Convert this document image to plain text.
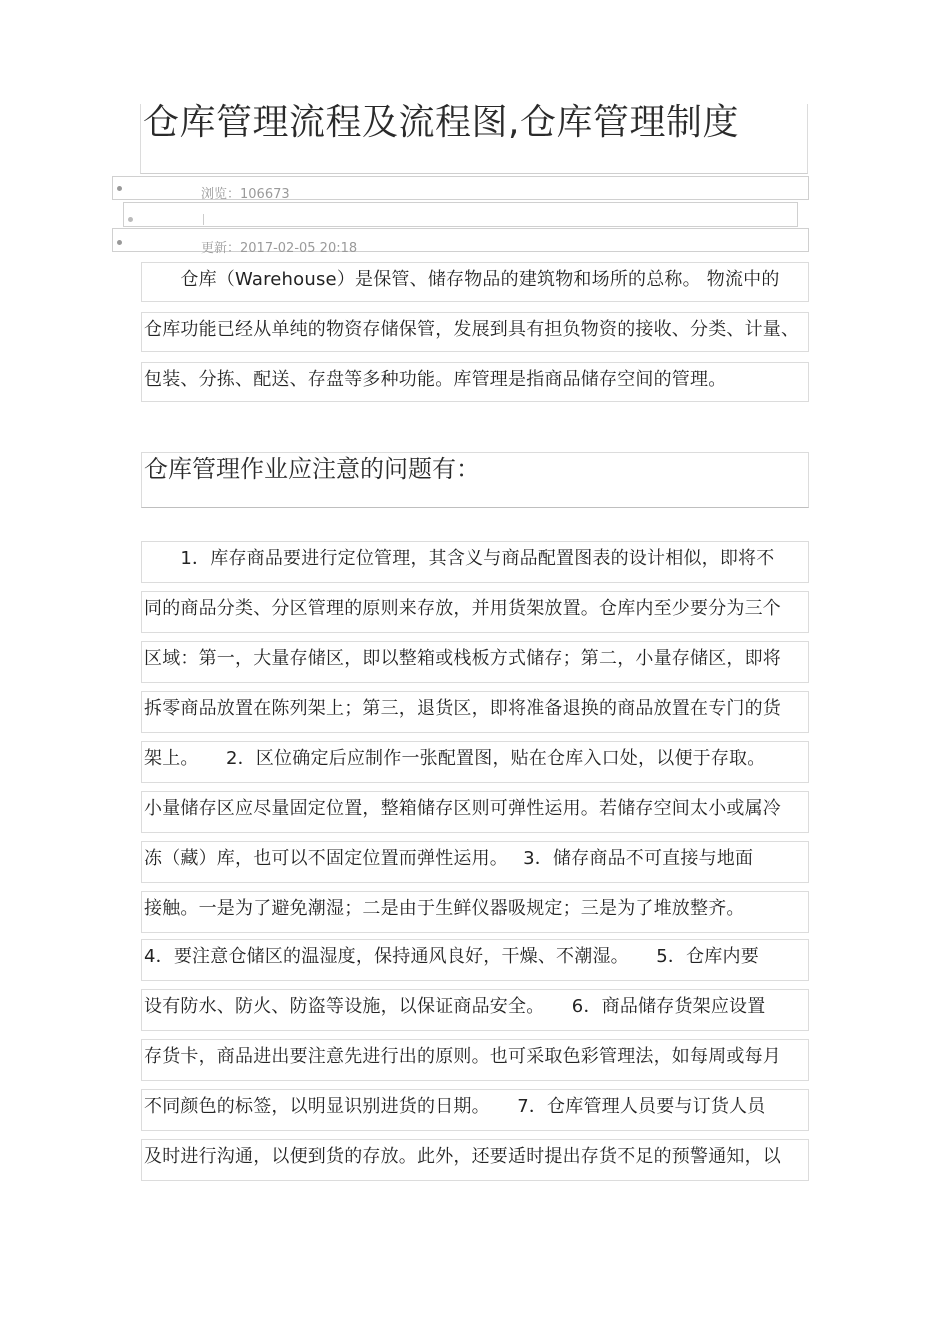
仓库管理流程及流程图,仓库管理制度
浏览：106673
更新：2017-02-05 20:18
　　仓库（Warehouse）是保管、储存物品的建筑物和场所的总称。 物流中的
仓库功能已经从单纯的物资存储保管，发展到具有担负物资的接收、分类、计量、
包装、分拣、配送、存盘等多种功能。库管理是指商品储存空间的管理。
仓库管理作业应注意的问题有：
　　1．库存商品要进行定位管理，其含义与商品配置图表的设计相似，即将不
同的商品分类、分区管理的原则来存放，并用货架放置。仓库内至少要分为三个
区域：第一，大量存储区，即以整箱或栈板方式储存；第二，小量存储区，即将
拆零商品放置在陈列架上；第三，退货区，即将准备退换的商品放置在专门的货
架上。　　2．区位确定后应制作一张配置图，贴在仓库入口处，以便于存取。
小量储存区应尽量固定位置，整箱储存区则可弹性运用。若储存空间太小或属冷
冻（藏）库，也可以不固定位置而弹性运用。　 3．储存商品不可直接与地面
接触。一是为了避免潮湿；二是由于生鲜仪器吸规定；三是为了堆放整齐。
4．要注意仓储区的温湿度，保持通风良好，干燥、不潮湿。　　5．仓库内要
设有防水、防火、防盗等设施，以保证商品安全。　　6．商品储存货架应设置
存货卡，商品进出要注意先进行出的原则。也可采取色彩管理法，如每周或每月
不同颜色的标签，以明显识别进货的日期。　　7．仓库管理人员要与订货人员
及时进行沟通，以便到货的存放。此外，还要适时提出存货不足的预警通知，以
